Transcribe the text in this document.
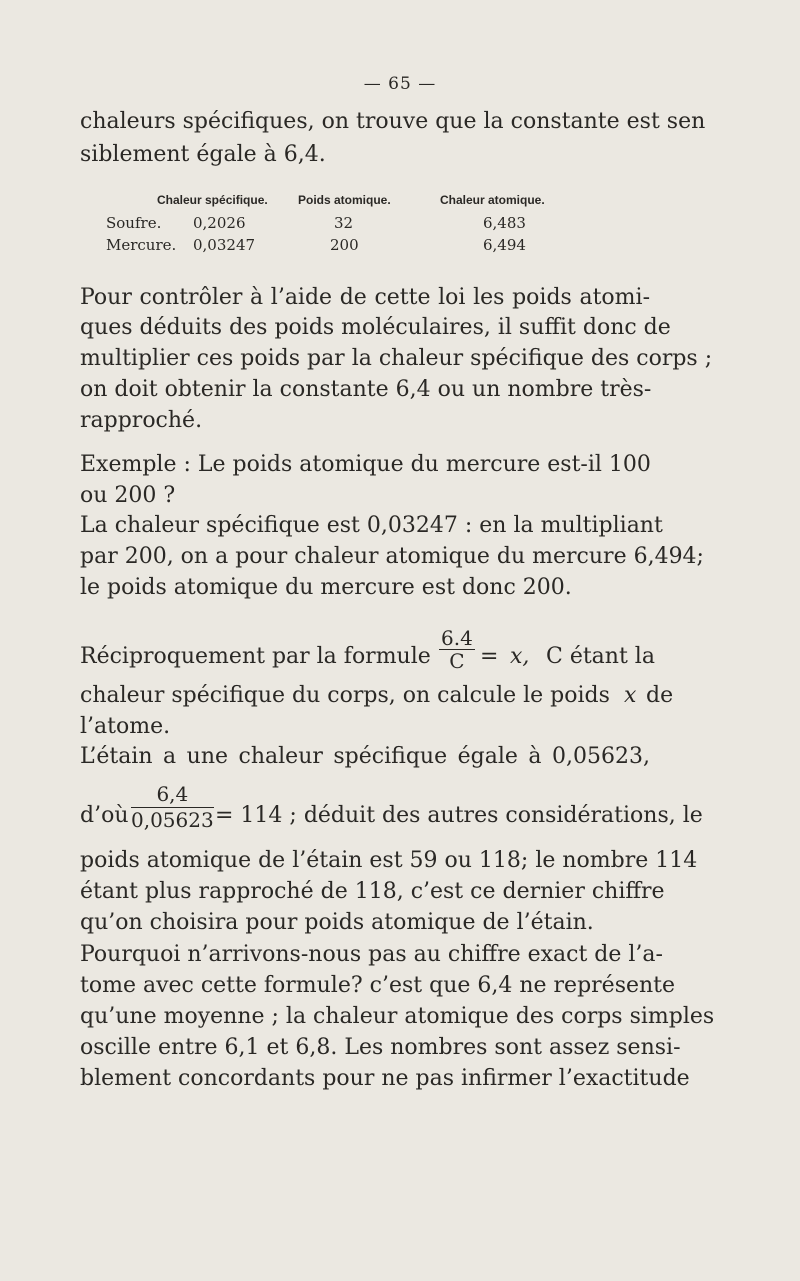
— 65 —
chaleurs spécifiques, on trouve que la constante est sen
siblement égale à 6,4.
Chaleur spécifique.	Poids atomique.	Chaleur atomique.
Soufre. 0,2026	32	6,483
Mercure. 0,03247	200	6,494
Pour contrôler à l’aide de cette loi les poids atomi-
ques déduits des poids moléculaires, il suffit donc de
multiplier ces poids par la chaleur spécifique des corps ;
on doit obtenir la constante 6,4 ou un nombre très-
rapproché.
Exemple : Le poids atomique du mercure est-il 100
ou 200 ?
La chaleur spécifique est 0,03247 : en la multipliant
par 200, on a pour chaleur atomique du mercure 6,494;
le poids atomique du mercure est donc 200.
Réciproquement par la formule $\frac{6.4}{C} = x$, C étant la
chaleur spécifique du corps, on calcule le poids x de
l’atome.
L’étain a une chaleur spécifique égale à 0,05623,
d’où $\frac{6,4}{0,05623} = 114$ ; déduit des autres considérations, le
poids atomique de l’étain est 59 ou 118; le nombre 114
étant plus rapproché de 118, c’est ce dernier chiffre
qu’on choisira pour poids atomique de l’étain.
Pourquoi n’arrivons-nous pas au chiffre exact de l’a-
tome avec cette formule? c’est que 6,4 ne représente
qu’une moyenne ; la chaleur atomique des corps simples
oscille entre 6,1 et 6,8. Les nombres sont assez sensi-
blement concordants pour ne pas infirmer l’exactitude
